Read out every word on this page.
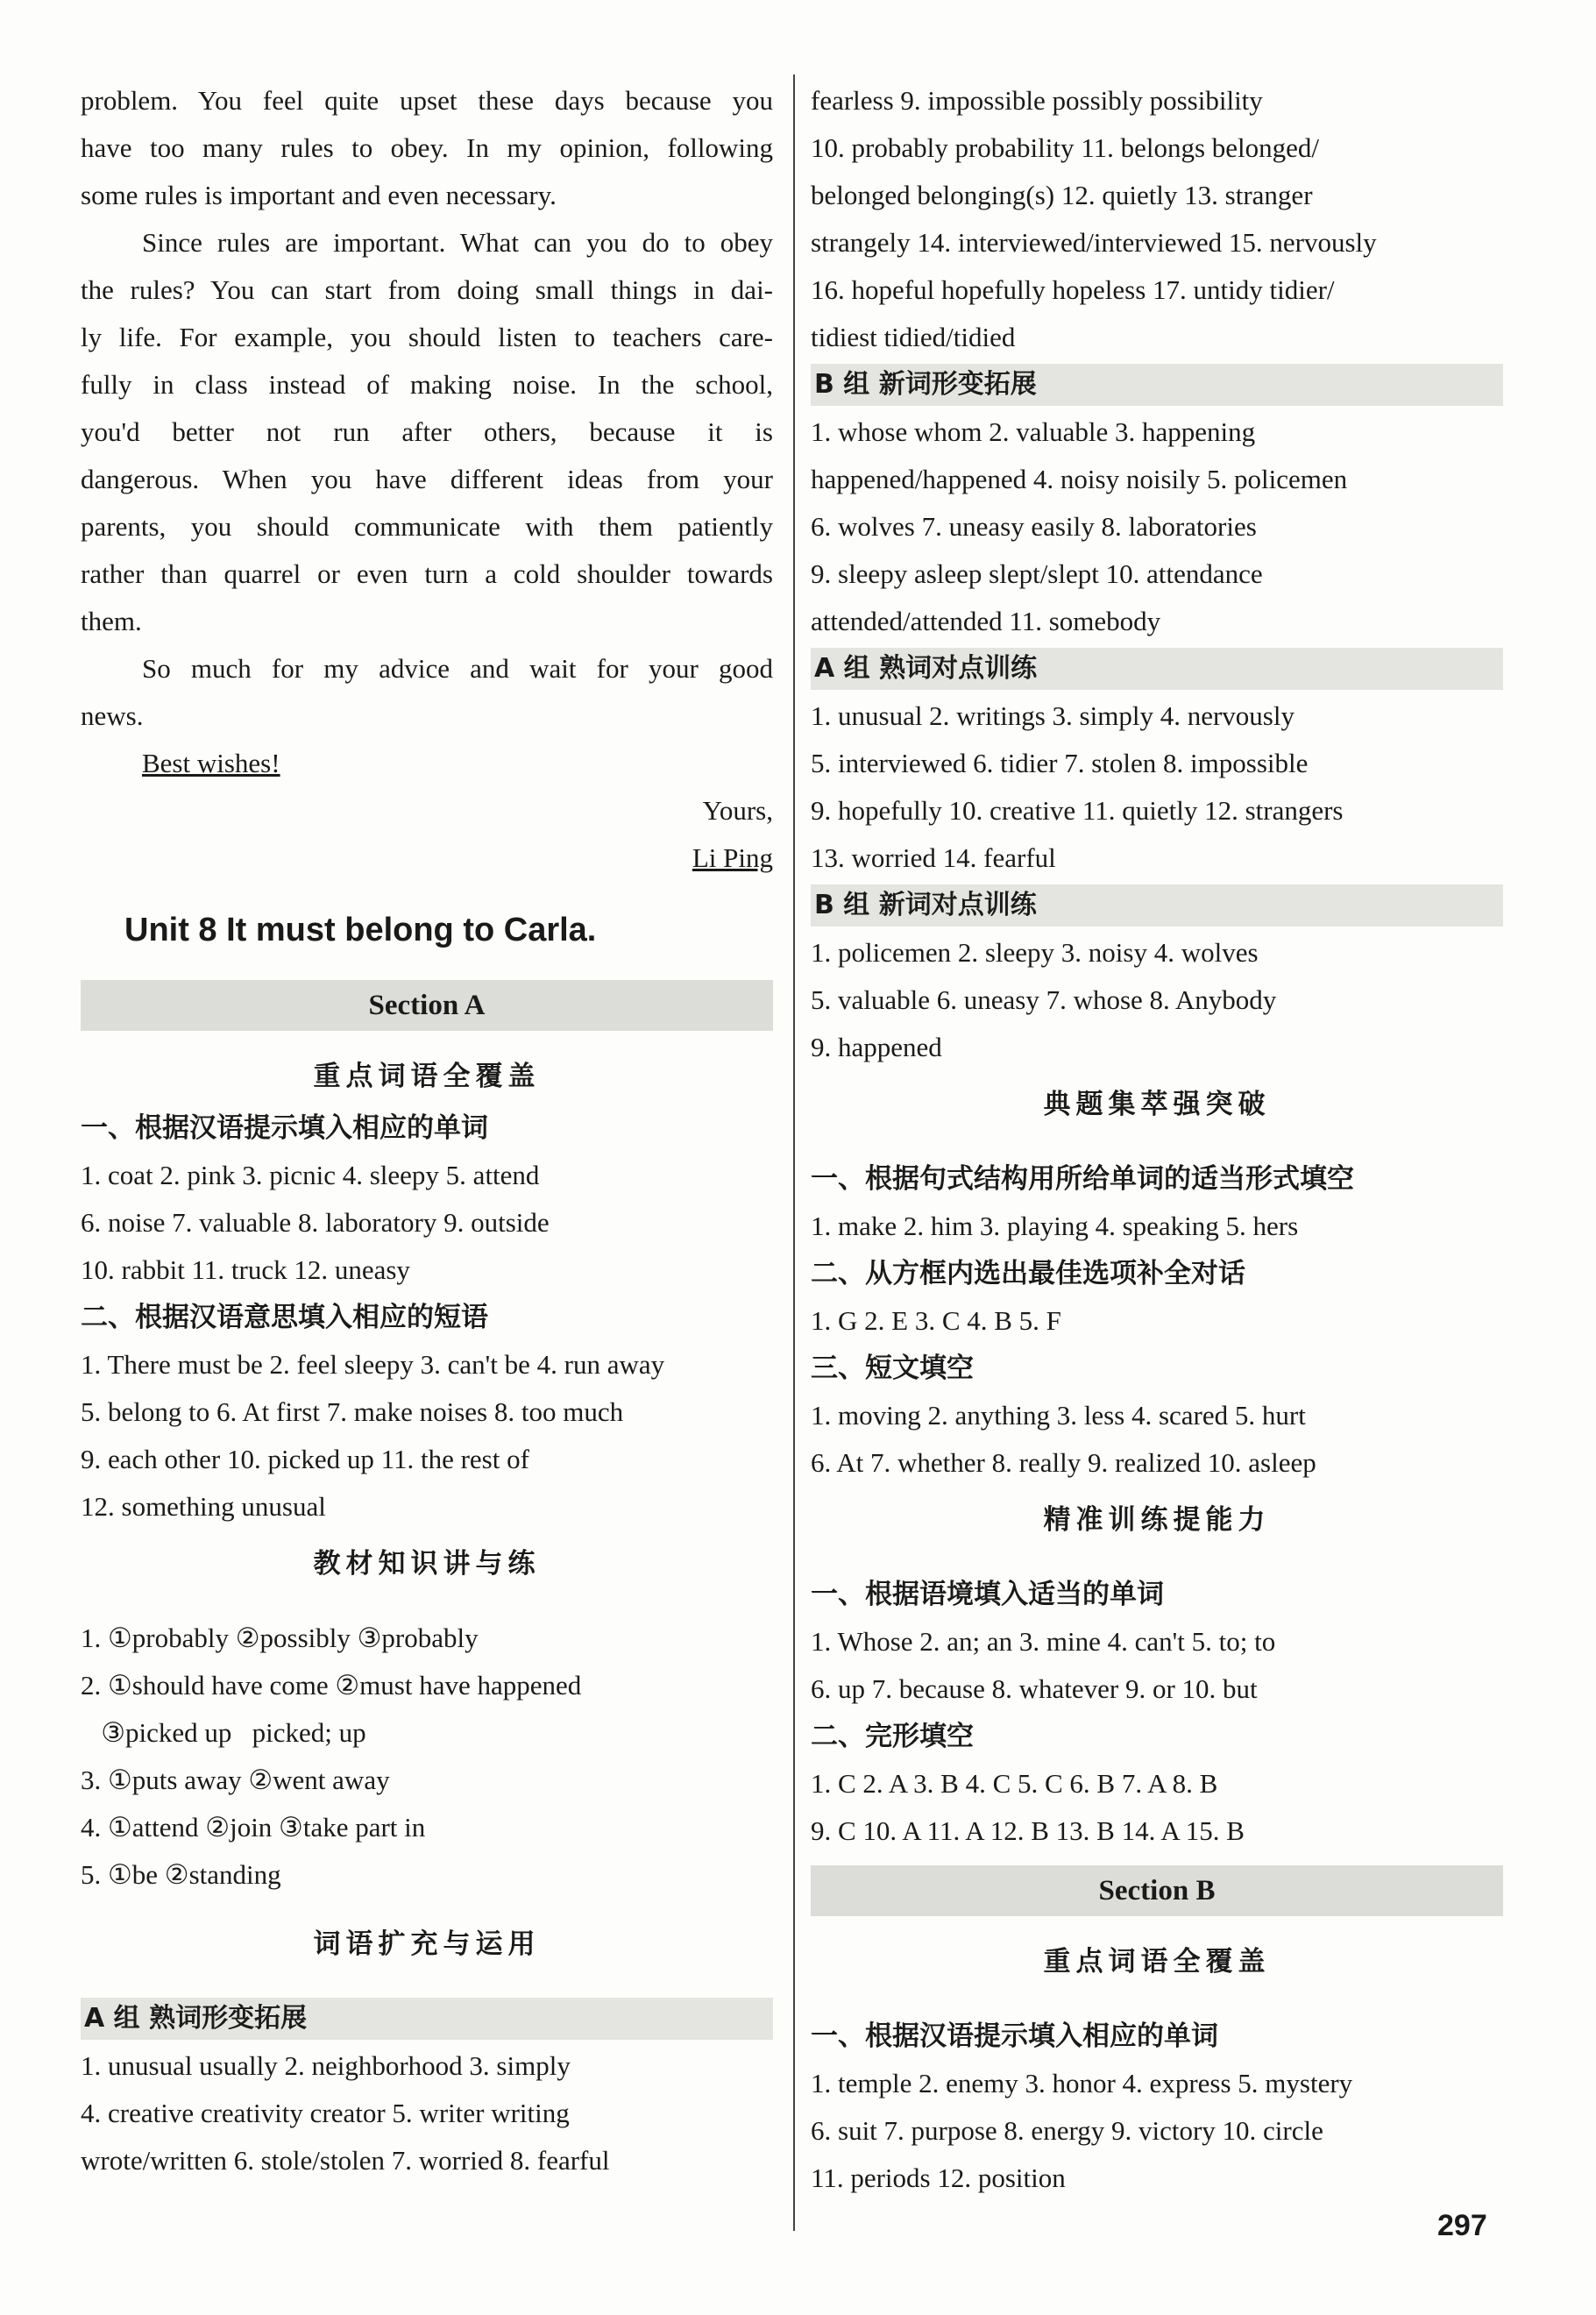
problem. You feel quite upset these days because you
have too many rules to obey. In my opinion, following
some rules is important and even necessary.
Since rules are important. What can you do to obey
the rules? You can start from doing small things in dai-
ly life. For example, you should listen to teachers care-
fully in class instead of making noise. In the school,
you'd better not run after others, because it is
dangerous. When you have different ideas from your
parents, you should communicate with them patiently
rather than quarrel or even turn a cold shoulder towards
them.
So much for my advice and wait for your good
news.
Best wishes!
Yours,
Li Ping
Unit 8 It must belong to Carla.
Section A
重点词语全覆盖
一、根据汉语提示填入相应的单词
1. coat 2. pink 3. picnic 4. sleepy 5. attend
6. noise 7. valuable 8. laboratory 9. outside
10. rabbit 11. truck 12. uneasy
二、根据汉语意思填入相应的短语
1. There must be 2. feel sleepy 3. can't be 4. run away
5. belong to 6. At first 7. make noises 8. too much
9. each other 10. picked up 11. the rest of
12. something unusual
教材知识讲与练
1. ①probably ②possibly ③probably
2. ①should have come ②must have happened
③picked up   picked; up
3. ①puts away ②went away
4. ①attend ②join ③take part in
5. ①be ②standing
词语扩充与运用
A 组 熟词形变拓展
1. unusual usually 2. neighborhood 3. simply
4. creative creativity creator 5. writer writing
wrote/written 6. stole/stolen 7. worried 8. fearful
fearless 9. impossible possibly possibility
10. probably probability 11. belongs belonged/
belonged belonging(s) 12. quietly 13. stranger
strangely 14. interviewed/interviewed 15. nervously
16. hopeful hopefully hopeless 17. untidy tidier/
tidiest tidied/tidied
B 组 新词形变拓展
1. whose whom 2. valuable 3. happening
happened/happened 4. noisy noisily 5. policemen
6. wolves 7. uneasy easily 8. laboratories
9. sleepy asleep slept/slept 10. attendance
attended/attended 11. somebody
A 组 熟词对点训练
1. unusual 2. writings 3. simply 4. nervously
5. interviewed 6. tidier 7. stolen 8. impossible
9. hopefully 10. creative 11. quietly 12. strangers
13. worried 14. fearful
B 组 新词对点训练
1. policemen 2. sleepy 3. noisy 4. wolves
5. valuable 6. uneasy 7. whose 8. Anybody
9. happened
典题集萃强突破
一、根据句式结构用所给单词的适当形式填空
1. make 2. him 3. playing 4. speaking 5. hers
二、从方框内选出最佳选项补全对话
1. G 2. E 3. C 4. B 5. F
三、短文填空
1. moving 2. anything 3. less 4. scared 5. hurt
6. At 7. whether 8. really 9. realized 10. asleep
精准训练提能力
一、根据语境填入适当的单词
1. Whose 2. an; an 3. mine 4. can't 5. to; to
6. up 7. because 8. whatever 9. or 10. but
二、完形填空
1. C 2. A 3. B 4. C 5. C 6. B 7. A 8. B
9. C 10. A 11. A 12. B 13. B 14. A 15. B
Section B
重点词语全覆盖
一、根据汉语提示填入相应的单词
1. temple 2. enemy 3. honor 4. express 5. mystery
6. suit 7. purpose 8. energy 9. victory 10. circle
11. periods 12. position
297
